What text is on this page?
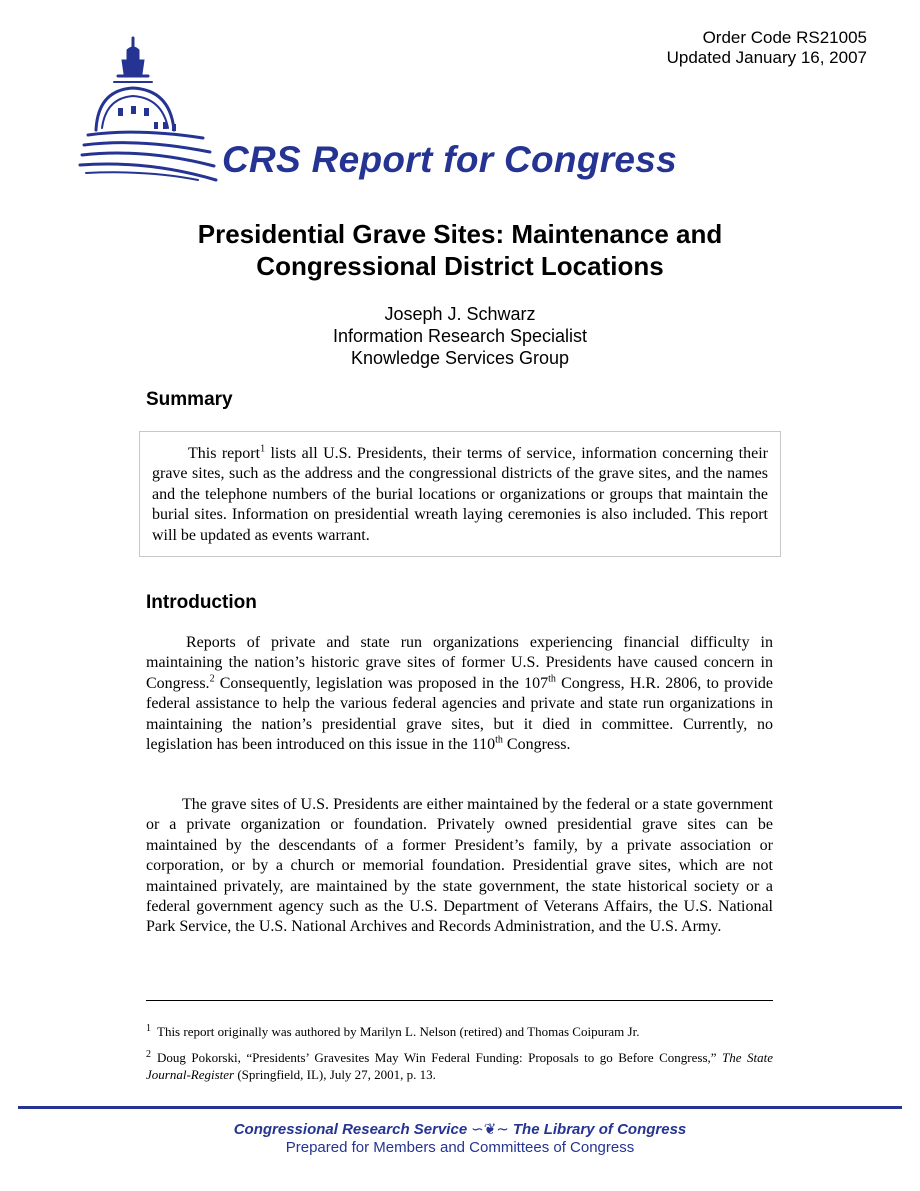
Order Code RS21005
Updated January 16, 2007
CRS Report for Congress
Presidential Grave Sites: Maintenance and
Congressional District Locations
Joseph J. Schwarz
Information Research Specialist
Knowledge Services Group
Summary

This report$^1$ lists all U.S. Presidents, their terms of service, information concerning their grave sites, such as the address and the congressional districts of the grave sites, and the names and the telephone numbers of the burial locations or organizations or groups that maintain the burial sites. Information on presidential wreath laying ceremonies is also included. This report will be updated as events warrant.

Introduction

Reports of private and state run organizations experiencing financial difficulty in maintaining the nation’s historic grave sites of former U.S. Presidents have caused concern in Congress.$^2$ Consequently, legislation was proposed in the 107th Congress, H.R. 2806, to provide federal assistance to help the various federal agencies and private and state run organizations in maintaining the nation’s presidential grave sites, but it died in committee. Currently, no legislation has been introduced on this issue in the 110th Congress.

The grave sites of U.S. Presidents are either maintained by the federal or a state government or a private organization or foundation. Privately owned presidential grave sites can be maintained by the descendants of a former President’s family, by a private association or corporation, or by a church or memorial foundation. Presidential grave sites, which are not maintained privately, are maintained by the state government, the state historical society or a federal government agency such as the U.S. Department of Veterans Affairs, the U.S. National Park Service, the U.S. National Archives and Records Administration, and the U.S. Army.

$^1$ This report originally was authored by Marilyn L. Nelson (retired) and Thomas Coipuram Jr.
$^2$ Doug Pokorski, “Presidents’ Gravesites May Win Federal Funding: Proposals to go Before Congress,” The State Journal-Register (Springfield, IL), July 27, 2001, p. 13.
Congressional Research Service ∽❦∼ The Library of Congress
Prepared for Members and Committees of Congress
